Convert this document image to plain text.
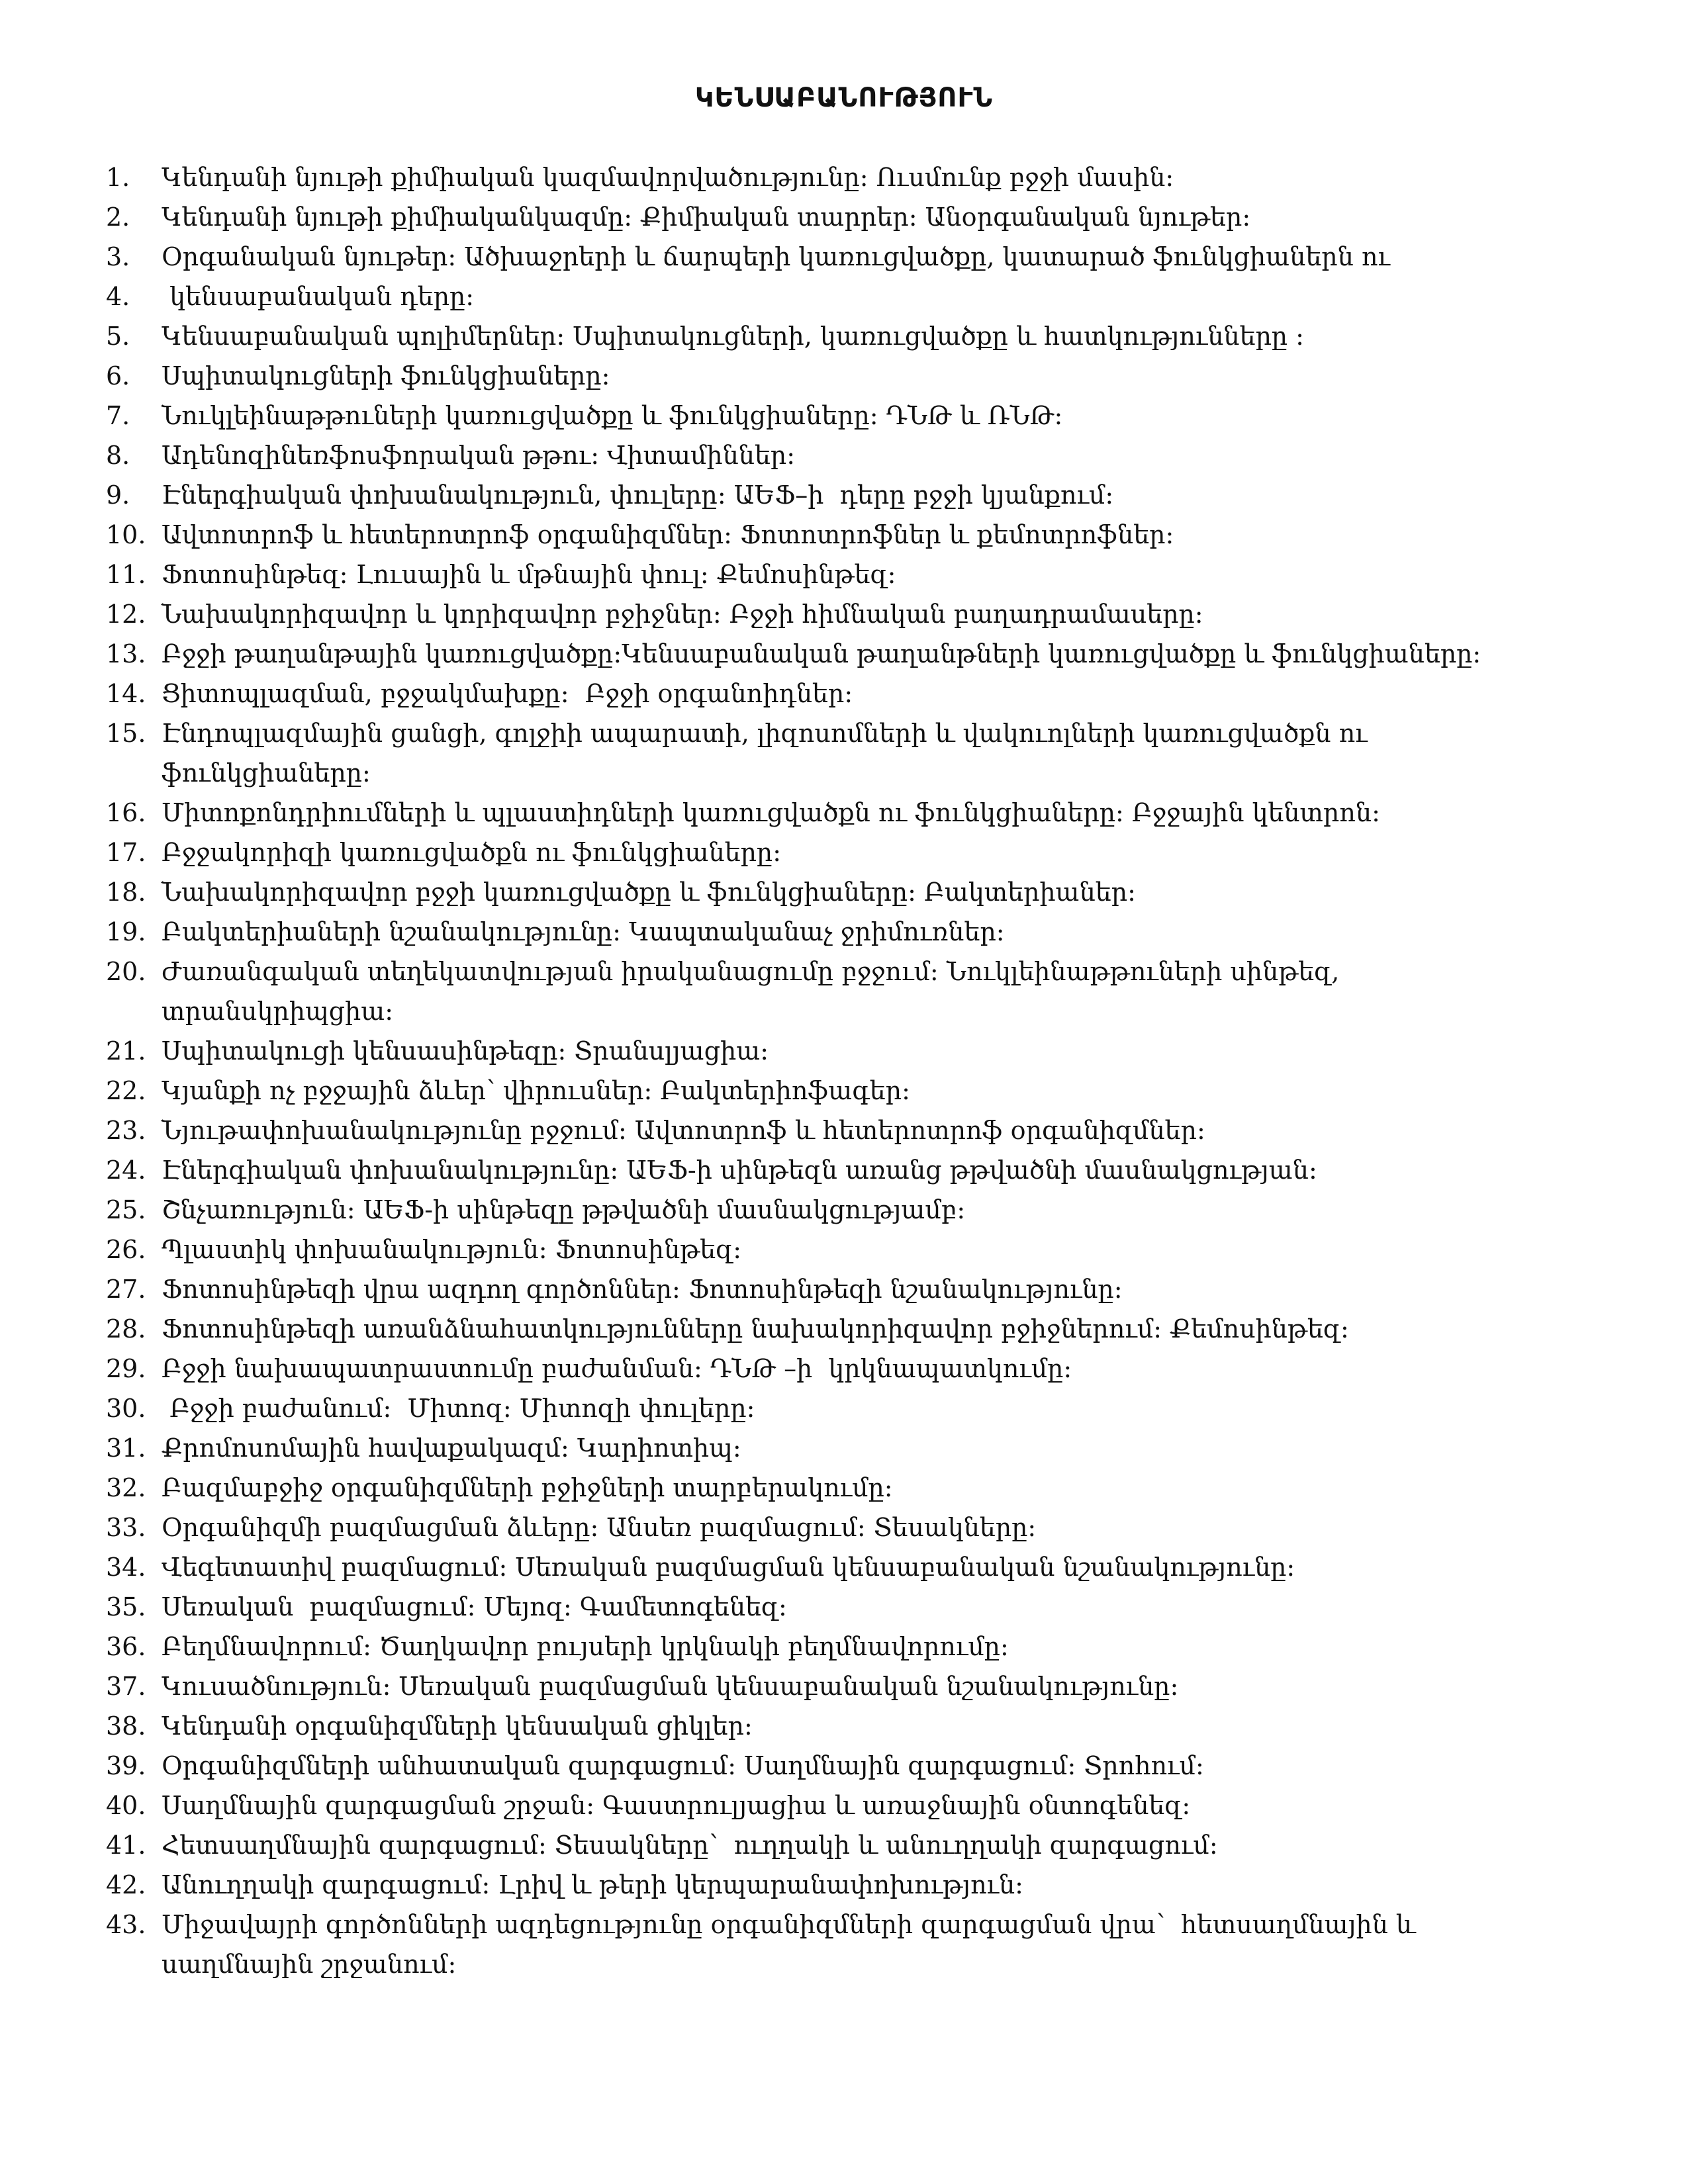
ԿԵՆՍԱԲԱՆՈՒԹՅՈՒՆ
1.	Կենդանի նյութի քիմիական կազմավորվածությունը: Ուսմունք բջջի մասին:
2.	Կենդանի նյութի քիմիականկազմը: Քիմիական տարրեր: Անօրգանական նյութեր:
3.	Օրգանական նյութեր: Ածխաջրերի և ճարպերի կառուցվածքը, կատարած ֆունկցիաներն ու
4.	կենսաբանական դերը:
5.	Կենսաբանական պոլիմերներ: Սպիտակուցների, կառուցվածքը և հատկությունները :
6.	Սպիտակուցների ֆունկցիաները:
7.	Նուկլեինաթթուների կառուցվածքը և ֆունկցիաները: ԴՆԹ և ՌՆԹ:
8.	Ադենոզինեռֆոսֆորական թթու: Վիտամիններ:
9.	Էներգիական փոխանակություն, փուլերը: ԱԵՖ–ի  դերը բջջի կյանքում:
10. Ավտոտրոֆ և հետերոտրոֆ օրգանիզմներ: Ֆոտոտրոֆներ և քեմոտրոֆներ:
11. Ֆոտոսինթեզ: Լուսային և մթնային փուլ: Քեմոսինթեզ:
12. Նախակորիզավոր և կորիզավոր բջիջներ: Բջջի հիմնական բաղադրամասերը:
13. Բջջի թաղանթային կառուցվածքը:Կենսաբանական թաղանթների կառուցվածքը և ֆունկցիաները:
14. Ցիտոպլազման, բջջակմախքը:  Բջջի օրգանոիդներ:
15. Էնդոպլազմային ցանցի, գոլջիի ապարատի, լիզոսոմների և վակուոլների կառուցվածքն ու ֆունկցիաները:
16. Միտոքոնդրիումների և պլաստիդների կառուցվածքն ու ֆունկցիաները: Բջջային կենտրոն:
17. Բջջակորիզի կառուցվածքն ու ֆունկցիաները:
18. Նախակորիզավոր բջջի կառուցվածքը և ֆունկցիաները: Բակտերիաներ:
19. Բակտերիաների նշանակությունը: Կապտականաչ ջրիմուռներ:
20. Ժառանգական տեղեկատվության իրականացումը բջջում: Նուկլեինաթթուների սինթեզ, տրանսկրիպցիա:
21. Սպիտակուցի կենսասինթեզը: Տրանսլյացիա:
22. Կյանքի ոչ բջջային ձևեր՝ վիրուսներ: Բակտերիոֆագեր:
23. Նյութափոխանակությունը բջջում: Ավտոտրոֆ և հետերոտրոֆ օրգանիզմներ:
24. Էներգիական փոխանակությունը: ԱԵՖ-ի սինթեզն առանց թթվածնի մասնակցության:
25. Շնչառություն: ԱԵՖ-ի սինթեզը թթվածնի մասնակցությամբ:
26. Պլաստիկ փոխանակություն: Ֆոտոսինթեզ:
27. Ֆոտոսինթեզի վրա ազդող գործոններ: Ֆոտոսինթեզի նշանակությունը:
28. Ֆոտոսինթեզի առանձնահատկությունները նախակորիզավոր բջիջներում: Քեմոսինթեզ:
29. Բջջի նախապատրաստումը բաժանման: ԴՆԹ –ի  կրկնապատկումը:
30. Բջջի բաժանում:  Միտոզ: Միտոզի փուլերը:
31. Քրոմոսոմային հավաքակազմ: Կարիոտիպ:
32. Բազմաբջիջ օրգանիզմների բջիջների տարբերակումը:
33. Օրգանիզմի բազմացման ձևերը: Անսեռ բազմացում: Տեսակները:
34. Վեգետատիվ բազմացում: Սեռական բազմացման կենսաբանական նշանակությունը:
35. Սեռական  բազմացում: Մեյոզ: Գամետոգենեզ:
36. Բեղմնավորում: Ծաղկավոր բույսերի կրկնակի բեղմնավորումը:
37. Կուսածնություն: Սեռական բազմացման կենսաբանական նշանակությունը:
38. Կենդանի օրգանիզմների կենսական ցիկլեր:
39. Օրգանիզմների անհատական զարգացում: Սաղմնային զարգացում: Տրոհում:
40. Սաղմնային զարգացման շրջան: Գաստրուլյացիա և առաջնային օնտոգենեզ:
41. Հետսաղմնային զարգացում: Տեսակները՝  ուղղակի և անուղղակի զարգացում:
42. Անուղղակի զարգացում: Լրիվ և թերի կերպարանափոխություն:
43. Միջավայրի գործոնների ազդեցությունը օրգանիզմների զարգացման վրա՝  հետսաղմնային և սաղմնային շրջանում:
